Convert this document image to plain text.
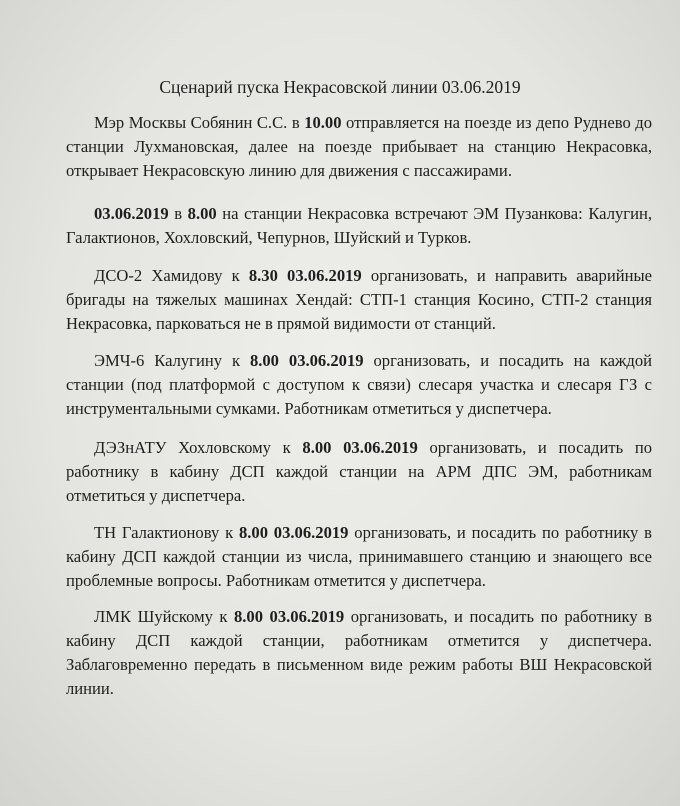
Сценарий пуска Некрасовской линии 03.06.2019
Мэр Москвы Собянин С.С. в 10.00 отправляется на поезде из депо Руднево до станции Лухмановская, далее на поезде прибывает на станцию Некрасовка, открывает Некрасовскую линию для движения с пассажирами.
03.06.2019 в 8.00 на станции Некрасовка встречают ЭМ Пузанкова: Калугин, Галактионов, Хохловский, Чепурнов, Шуйский и Турков.
ДСО-2 Хамидову к 8.30 03.06.2019 организовать, и направить аварийные бригады на тяжелых машинах Хендай: СТП-1 станция Косино, СТП-2 станция Некрасовка, парковаться не в прямой видимости от станций.
ЭМЧ-6 Калугину к 8.00 03.06.2019 организовать, и посадить на каждой станции (под платформой с доступом к связи) слесаря участка и слесаря ГЗ с инструментальными сумками. Работникам отметиться у диспетчера.
ДЭЗнАТУ Хохловскому к 8.00 03.06.2019 организовать, и посадить по работнику в кабину ДСП каждой станции на АРМ ДПС ЭМ, работникам отметиться у диспетчера.
ТН Галактионову к 8.00 03.06.2019 организовать, и посадить по работнику в кабину ДСП каждой станции из числа, принимавшего станцию и знающего все проблемные вопросы. Работникам отметится у диспетчера.
ЛМК Шуйскому к 8.00 03.06.2019 организовать, и посадить по работнику в кабину ДСП каждой станции, работникам отметится у диспетчера. Заблаговременно передать в письменном виде режим работы ВШ Некрасовской линии.
